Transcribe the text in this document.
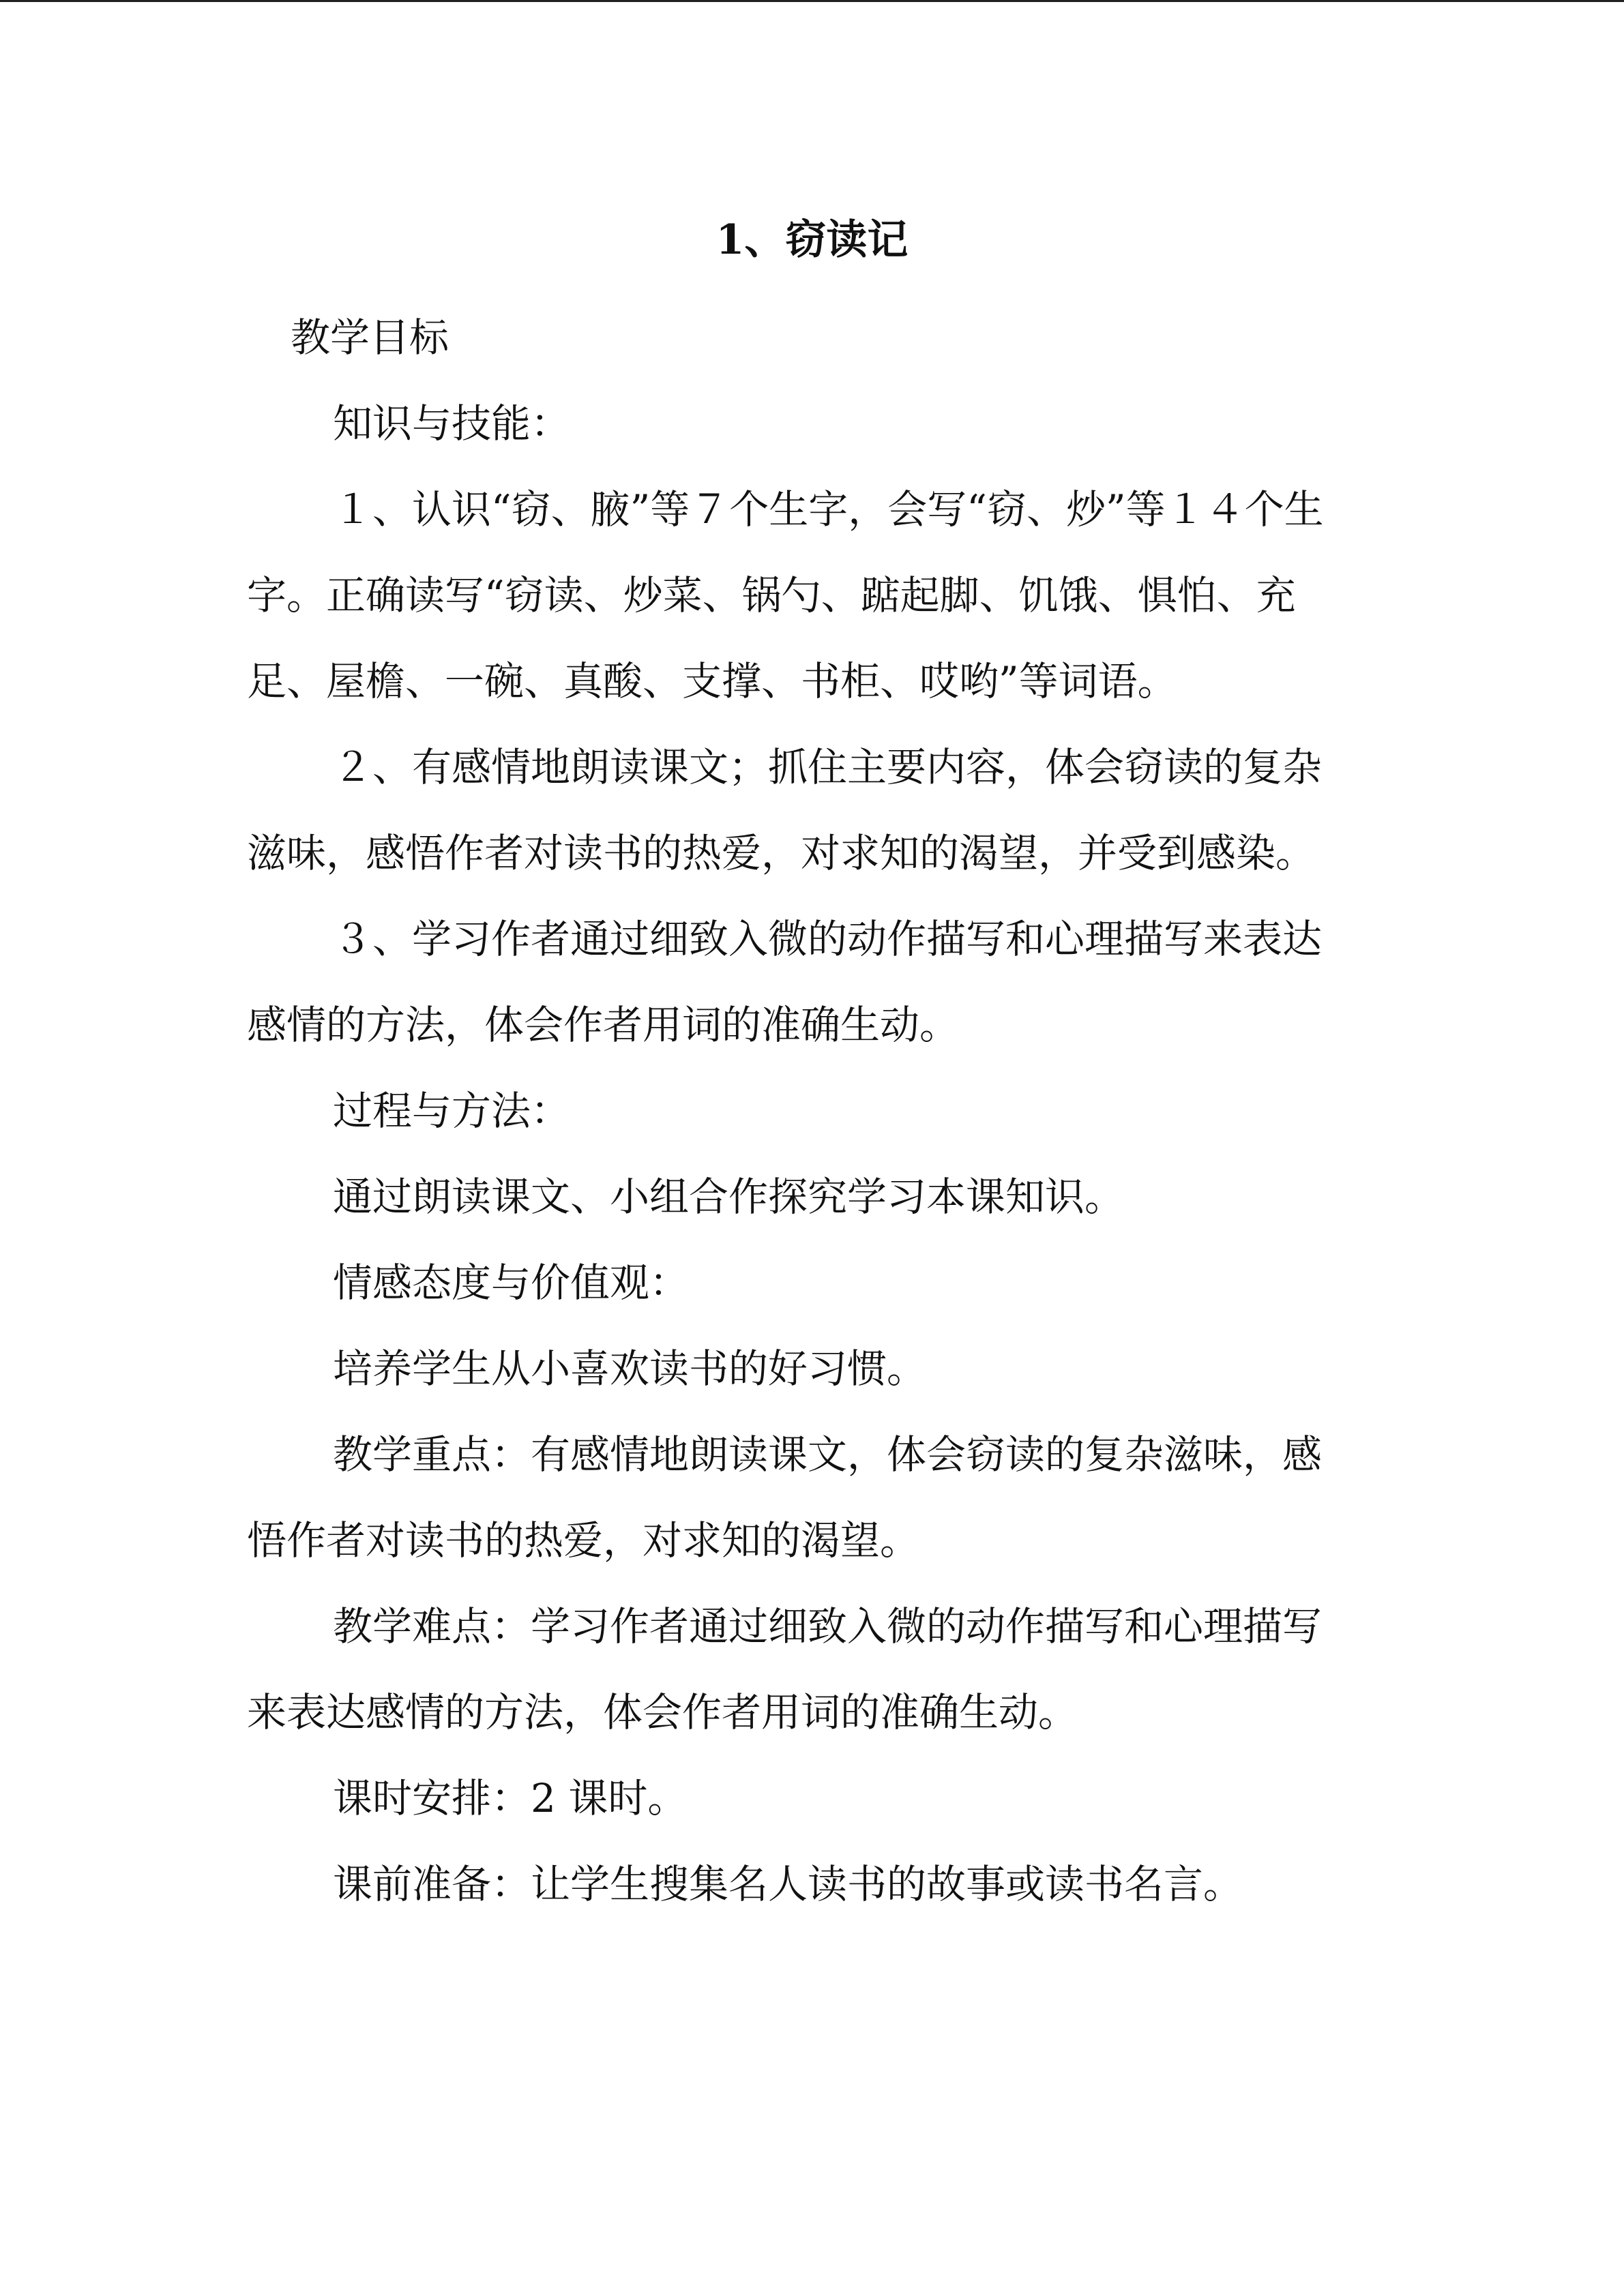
1、窃读记

教学目标

知识与技能：

１、认识“窃、腋”等７个生字，会写“窃、炒”等１４个生字。正确读写“窃读、炒菜、锅勺、踮起脚、饥饿、惧怕、充足、屋檐、一碗、真酸、支撑、书柜、哎哟”等词语。

２、有感情地朗读课文；抓住主要内容，体会窃读的复杂滋味，感悟作者对读书的热爱，对求知的渴望，并受到感染。

３、学习作者通过细致入微的动作描写和心理描写来表达感情的方法，体会作者用词的准确生动。

过程与方法：

通过朗读课文、小组合作探究学习本课知识。

情感态度与价值观：

培养学生从小喜欢读书的好习惯。

教学重点：有感情地朗读课文，体会窃读的复杂滋味，感悟作者对读书的热爱，对求知的渴望。

教学难点：学习作者通过细致入微的动作描写和心理描写来表达感情的方法，体会作者用词的准确生动。

课时安排：2 课时。

课前准备：让学生搜集名人读书的故事或读书名言。
